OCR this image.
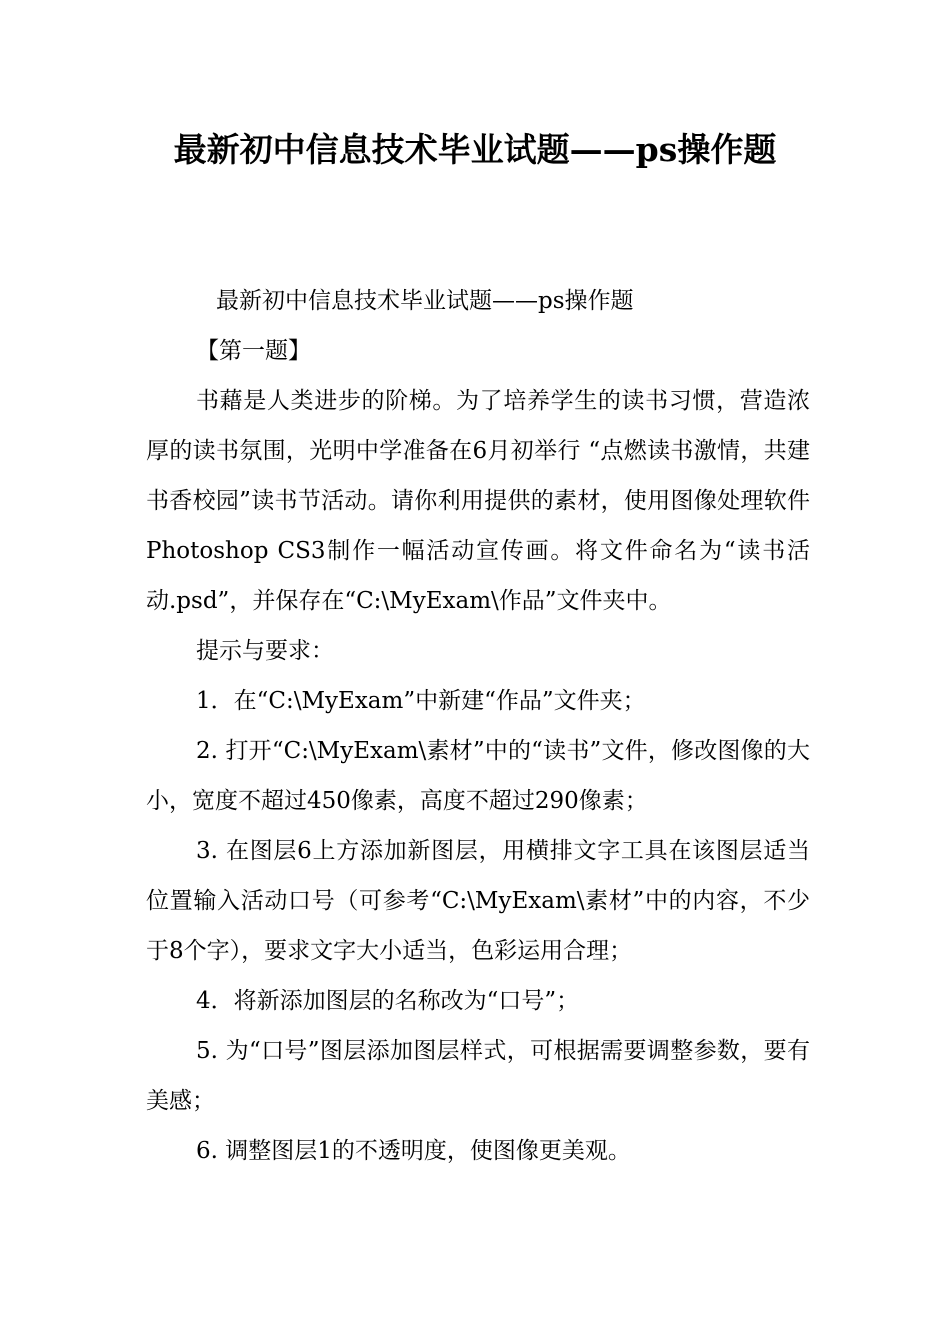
最新初中信息技术毕业试题——ps操作题

最新初中信息技术毕业试题——ps操作题

【第一题】

书藉是人类进步的阶梯。为了培养学生的读书习惯，营造浓厚的读书氛围，光明中学准备在6月初举行 “点燃读书激情，共建书香校园”读书节活动。请你利用提供的素材，使用图像处理软件Photoshop CS3制作一幅活动宣传画。将文件命名为“读书活动.psd”，并保存在“C:\MyExam\作品”文件夹中。

提示与要求：

1．在“C:\MyExam”中新建“作品”文件夹；

2. 打开“C:\MyExam\素材”中的“读书”文件，修改图像的大小，宽度不超过450像素，高度不超过290像素；

3. 在图层6上方添加新图层，用横排文字工具在该图层适当位置输入活动口号（可参考“C:\MyExam\素材”中的内容，不少于8个字），要求文字大小适当，色彩运用合理；

4．将新添加图层的名称改为“口号”；

5. 为“口号”图层添加图层样式，可根据需要调整参数，要有美感；

6. 调整图层1的不透明度，使图像更美观。
